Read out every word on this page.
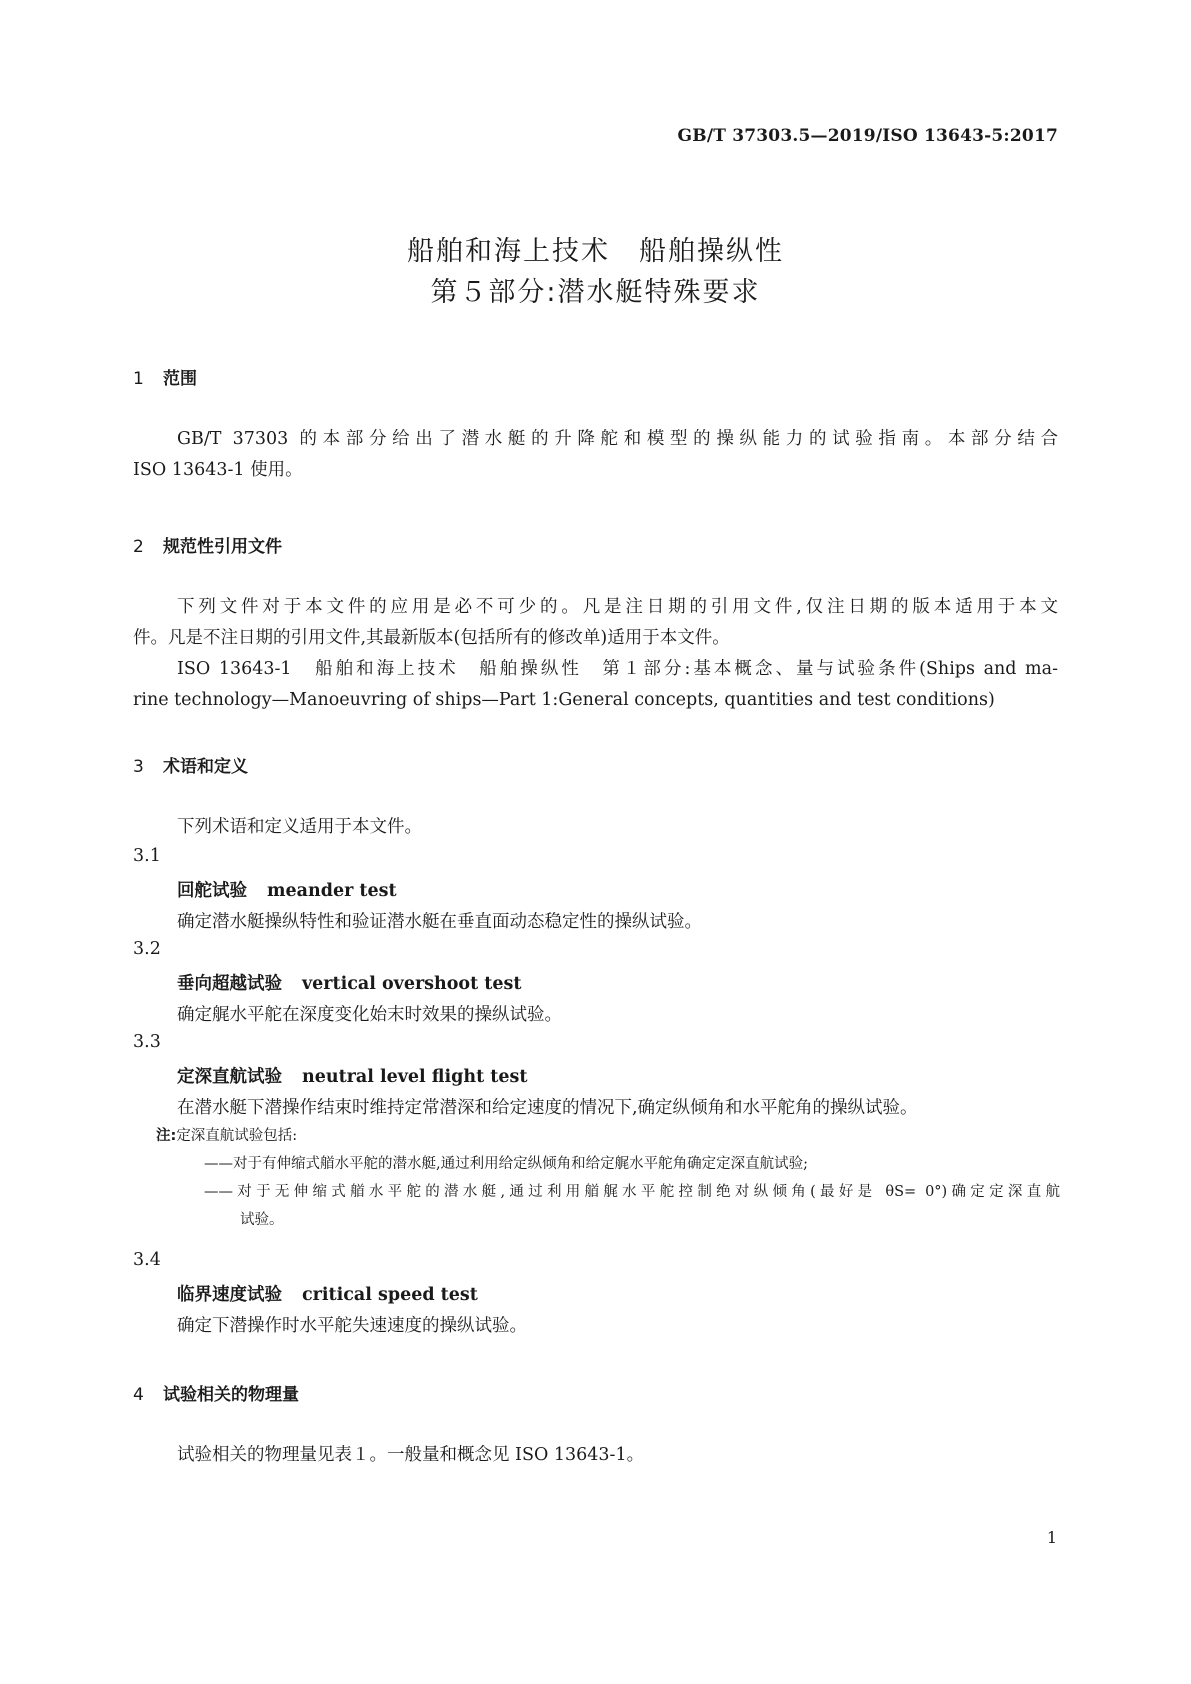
GB/T 37303.5—2019/ISO 13643-5:2017
船舶和海上技术　船舶操纵性
第５部分:潜水艇特殊要求
1 范围
GB/T 37303 的本部分给出了潜水艇的升降舵和模型的操纵能力的试验指南。本部分结合
ISO 13643-1 使用。
2 规范性引用文件
下列文件对于本文件的应用是必不可少的。凡是注日期的引用文件,仅注日期的版本适用于本文
件。凡是不注日期的引用文件,其最新版本(包括所有的修改单)适用于本文件。
ISO 13643-1　船舶和海上技术　船舶操纵性　第１部分:基本概念、量与试验条件(Ships and ma-
rine technology—Manoeuvring of ships—Part 1:General concepts, quantities and test conditions)
3 术语和定义
下列术语和定义适用于本文件。
3.1
回舵试验 meander test
确定潜水艇操纵特性和验证潜水艇在垂直面动态稳定性的操纵试验。
3.2
垂向超越试验 vertical overshoot test
确定艉水平舵在深度变化始末时效果的操纵试验。
3.3
定深直航试验 neutral level flight test
在潜水艇下潜操作结束时维持定常潜深和给定速度的情况下,确定纵倾角和水平舵角的操纵试验。
注:定深直航试验包括:
——对于有伸缩式艏水平舵的潜水艇,通过利用给定纵倾角和给定艉水平舵角确定定深直航试验;
——对于无伸缩式艏水平舵的潜水艇,通过利用艏艉水平舵控制绝对纵倾角(最好是 θS= 0°)确定定深直航
试验。
3.4
临界速度试验 critical speed test
确定下潜操作时水平舵失速速度的操纵试验。
4 试验相关的物理量
试验相关的物理量见表１。一般量和概念见 ISO 13643-1。
1
